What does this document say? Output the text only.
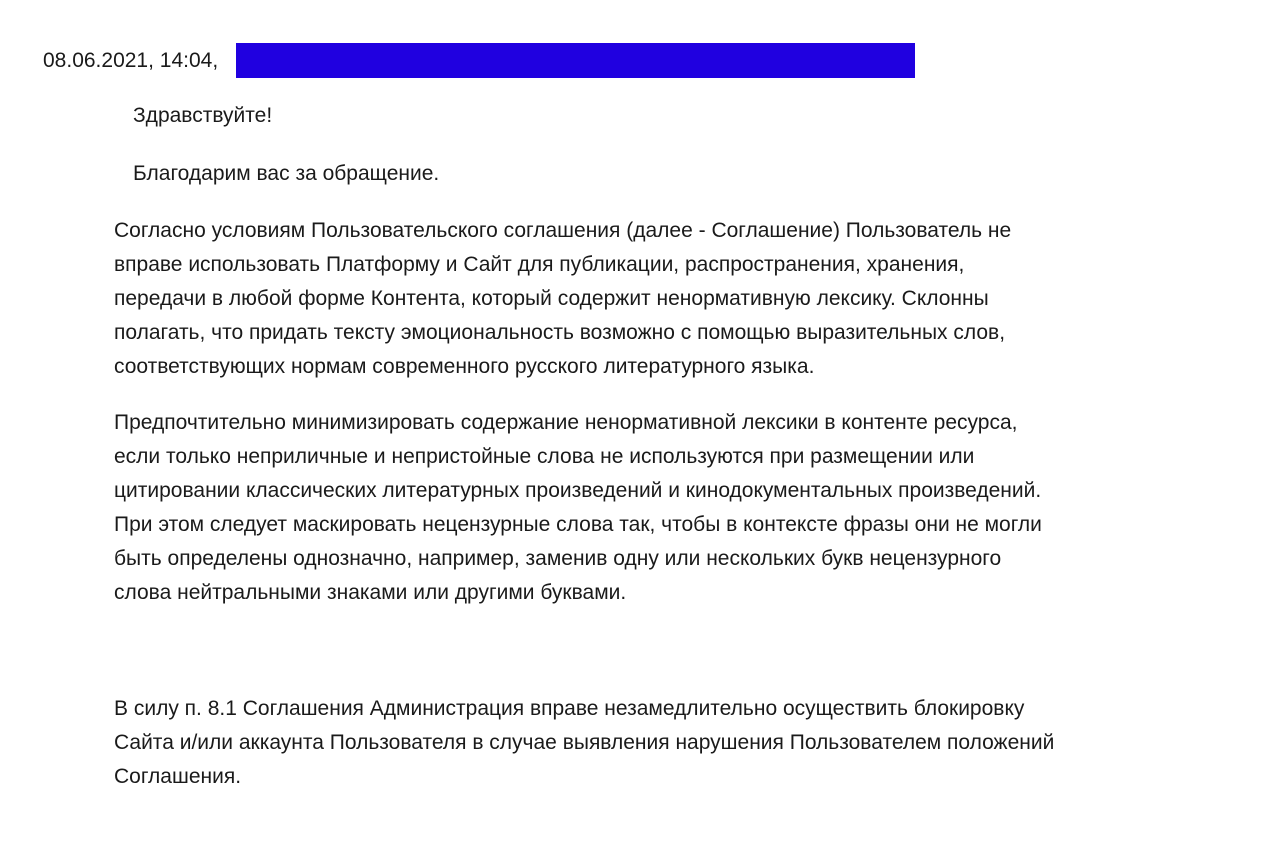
08.06.2021, 14:04,

Здравствуйте!

Благодарим вас за обращение.

Согласно условиям Пользовательского соглашения (далее - Соглашение) Пользователь не
вправе использовать Платформу и Сайт для публикации, распространения, хранения,
передачи в любой форме Контента, который содержит ненормативную лексику. Склонны
полагать, что придать тексту эмоциональность возможно с помощью выразительных слов,
соответствующих нормам современного русского литературного языка.

Предпочтительно минимизировать содержание ненормативной лексики в контенте ресурса,
если только неприличные и непристойные слова не используются при размещении или
цитировании классических литературных произведений и кинодокументальных произведений.
При этом следует маскировать нецензурные слова так, чтобы в контексте фразы они не могли
быть определены однозначно, например, заменив одну или нескольких букв нецензурного
слова нейтральными знаками или другими буквами.

В силу п. 8.1 Соглашения Администрация вправе незамедлительно осуществить блокировку
Сайта и/или аккаунта Пользователя в случае выявления нарушения Пользователем положений
Соглашения.
